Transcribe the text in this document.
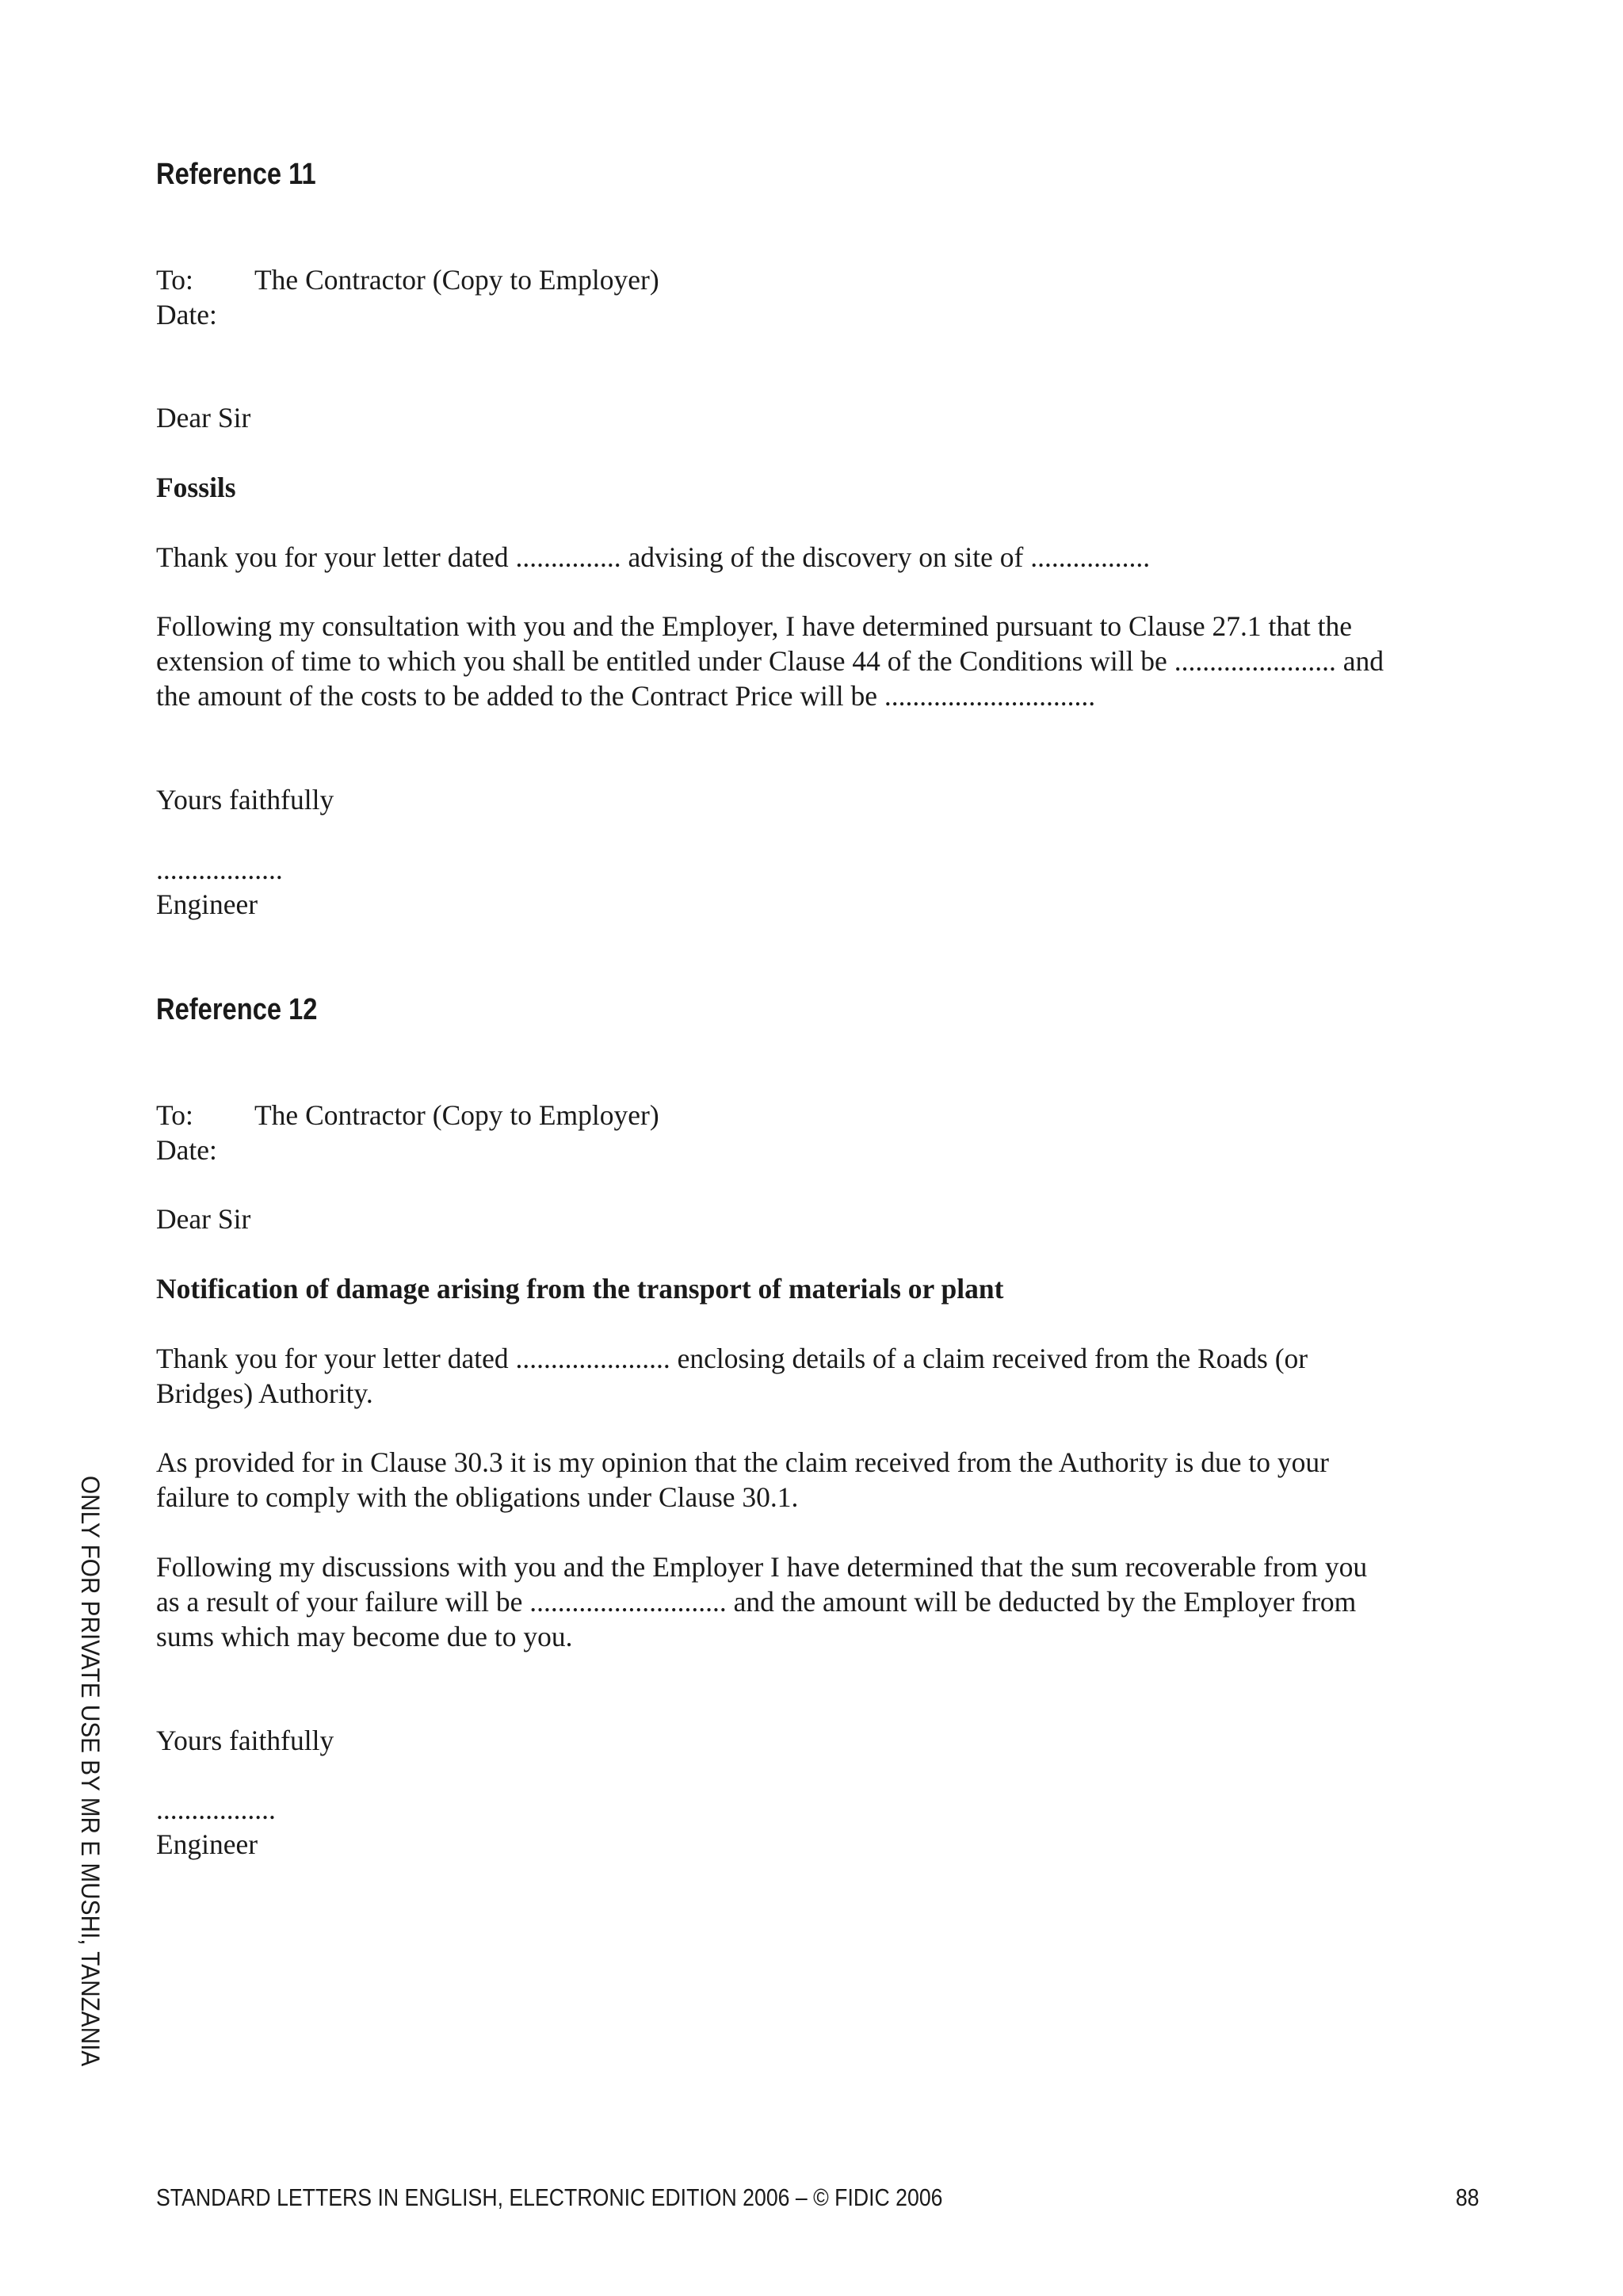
Reference 11
To: The Contractor (Copy to Employer)
Date:
Dear Sir
Fossils
Thank you for your letter dated ............... advising of the discovery on site of .................
Following my consultation with you and the Employer, I have determined pursuant to Clause 27.1 that the
extension of time to which you shall be entitled under Clause 44 of the Conditions will be ....................... and
the amount of the costs to be added to the Contract Price will be ..............................
Yours faithfully
..................
Engineer
Reference 12
To: The Contractor (Copy to Employer)
Date:
Dear Sir
Notification of damage arising from the transport of materials or plant
Thank you for your letter dated ...................... enclosing details of a claim received from the Roads (or
Bridges) Authority.
As provided for in Clause 30.3 it is my opinion that the claim received from the Authority is due to your
failure to comply with the obligations under Clause 30.1.
Following my discussions with you and the Employer I have determined that the sum recoverable from you
as a result of your failure will be ............................ and the amount will be deducted by the Employer from
sums which may become due to you.
Yours faithfully
.................
Engineer
ONLY FOR PRIVATE USE BY MR E MUSHI, TANZANIA
STANDARD LETTERS IN ENGLISH, ELECTRONIC EDITION 2006 – © FIDIC 2006	88
